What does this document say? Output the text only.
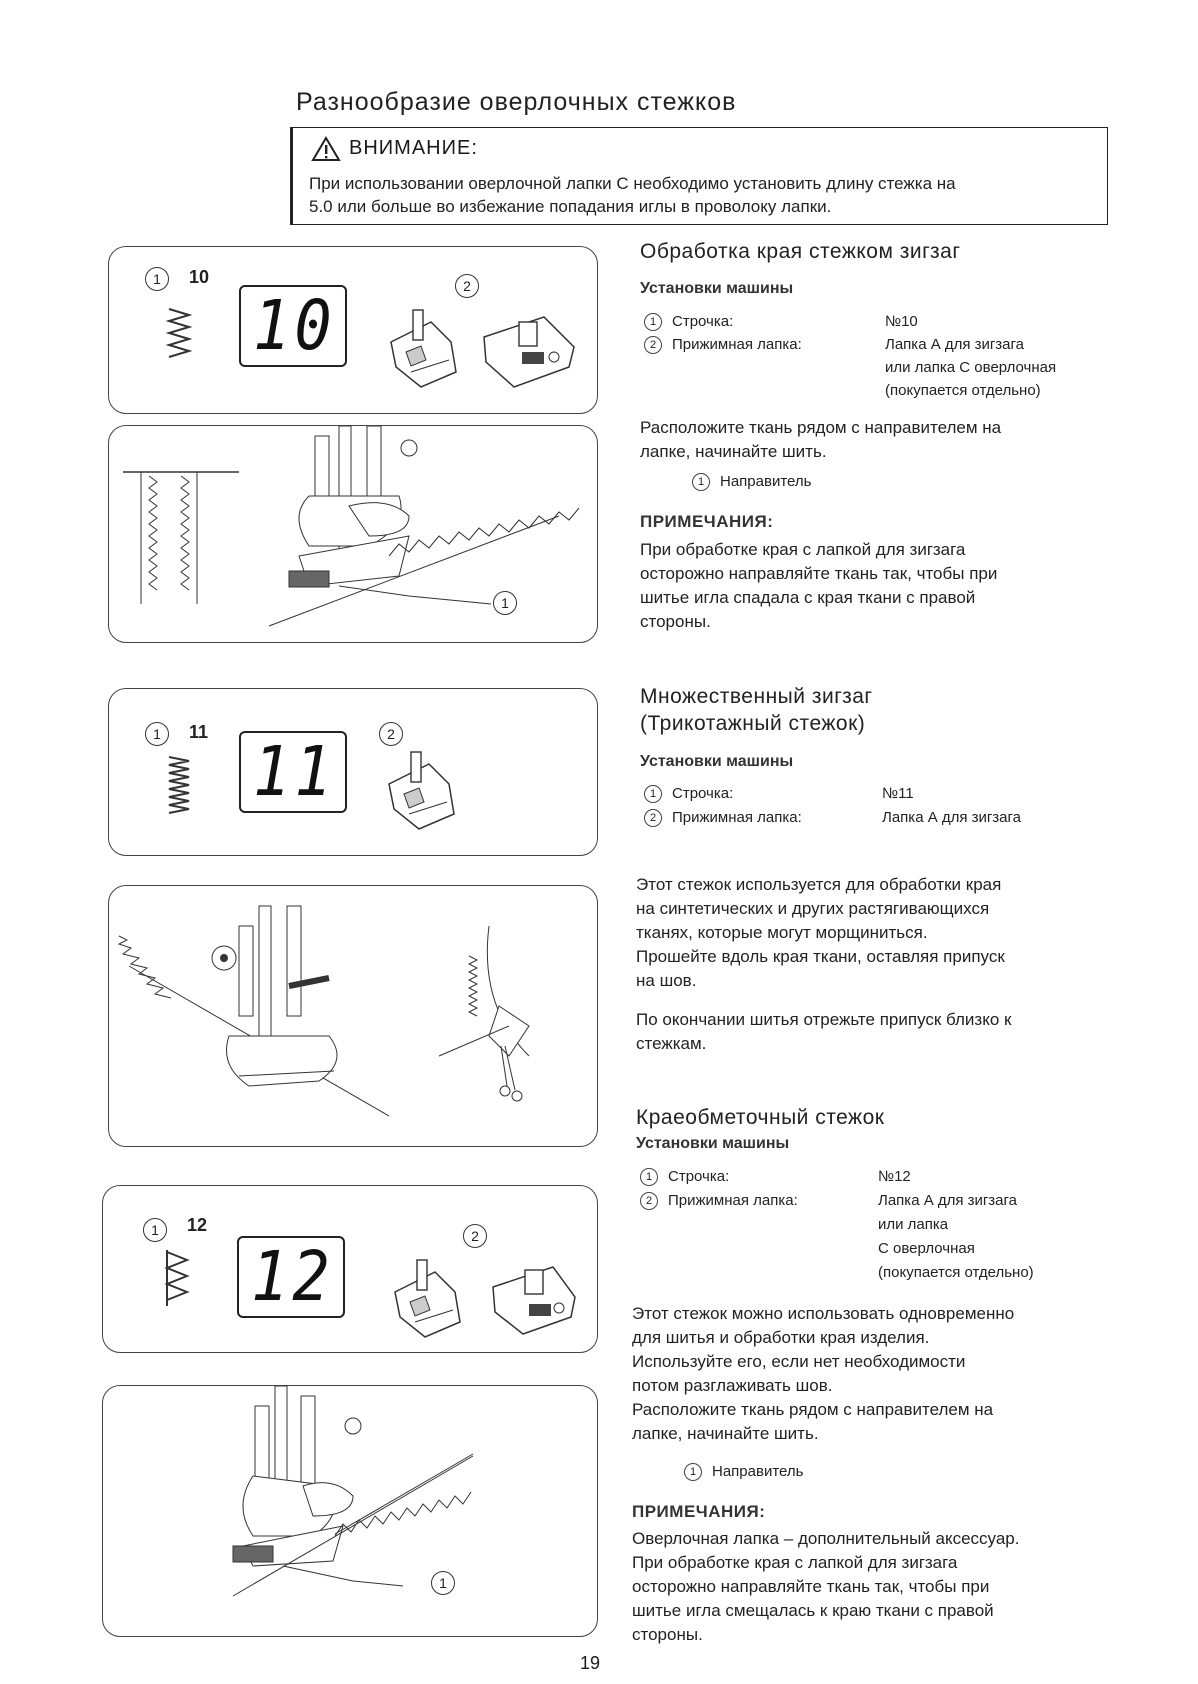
Разнообразие оверлочных стежков
ВНИМАНИЕ:
При использовании оверлочной лапки С необходимо установить длину стежка на
5.0 или больше во избежание попадания иглы в проволоку лапки.
Обработка края стежком зигзаг
Установки машины
1 Строчка:	№10
2 Прижимная лапка:	Лапка А для зигзага
или лапка С оверлочная
(покупается отдельно)
Расположите ткань рядом с направителем на
лапке, начинайте шить.
1 Направитель
ПРИМЕЧАНИЯ:
При обработке края с лапкой для зигзага
осторожно направляйте ткань так, чтобы при
шитье игла спадала с края ткани с правой
стороны.
Множественный зигзаг
(Трикотажный стежок)
Установки машины
1 Строчка:	№11
2 Прижимная лапка:	Лапка А для зигзага
Этот стежок используется для обработки края
на синтетических и других растягивающихся
тканях, которые могут морщиниться.
Прошейте вдоль края ткани, оставляя припуск
на шов.
По окончании шитья отрежьте припуск близко к
стежкам.
Краеобметочный стежок
Установки машины
1 Строчка:	№12
2 Прижимная лапка:	Лапка А для зигзага
или лапка
С оверлочная
(покупается отдельно)
Этот стежок можно использовать одновременно
для шитья и обработки края изделия.
Используйте его, если нет необходимости
потом разглаживать шов.
Расположите ткань рядом с направителем на
лапке, начинайте шить.
1 Направитель
ПРИМЕЧАНИЯ:
Оверлочная лапка – дополнительный аксессуар.
При обработке края с лапкой для зигзага
осторожно направляйте ткань так, чтобы при
шитье игла смещалась к краю ткани с правой
стороны.
19
1	10
10	2
1
1	11 11	2
1	12
12
2
1
